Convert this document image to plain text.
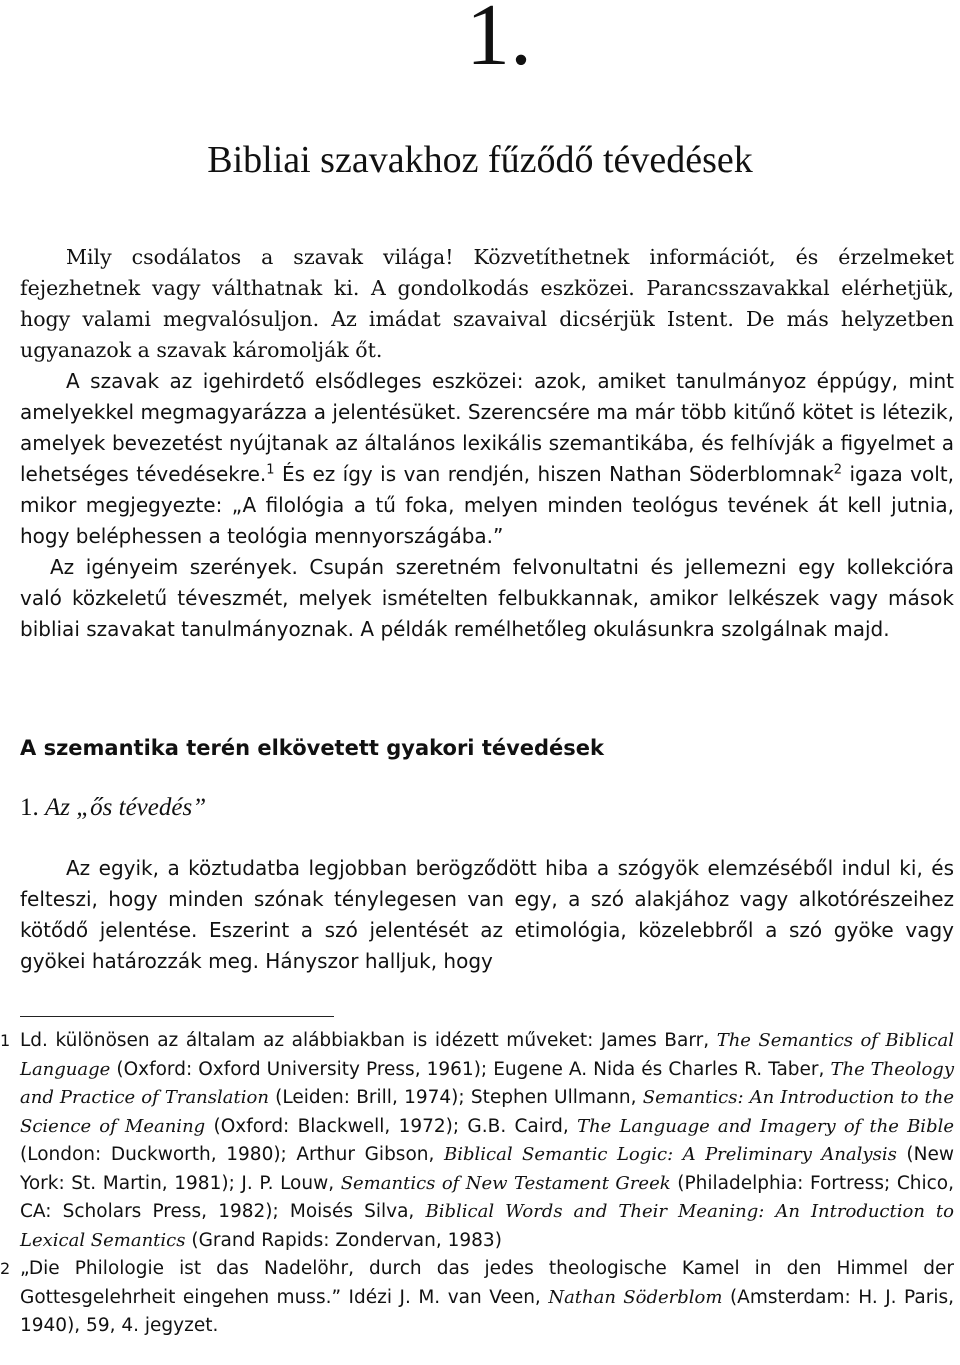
1.
Bibliai szavakhoz fűződő tévedések

Mily csodálatos a szavak világa! Közvetíthetnek információt, és érzelmeket fejezhetnek vagy válthatnak ki. A gondolkodás eszközei. Parancsszavakkal elérhetjük, hogy valami megvalósuljon. Az imádat szavaival dicsérjük Istent. De más helyzetben ugyanazok a szavak káromolják őt.

A szavak az igehirdető elsődleges eszközei: azok, amiket tanulmányoz éppúgy, mint amelyekkel megmagyarázza a jelentésüket. Szerencsére ma már több kitűnő kötet is létezik, amelyek bevezetést nyújtanak az általános lexikális szemantikába, és felhívják a figyelmet a lehetséges tévedésekre.$^1$ És ez így is van rendjén, hiszen Nathan Söderblomnak$^2$ igaza volt, mikor megjegyezte: „A filológia a tű foka, melyen minden teológus tevének át kell jutnia, hogy beléphessen a teológia mennyországába.”

Az igényeim szerények. Csupán szeretném felvonultatni és jellemezni egy kollekcióra való közkeletű téveszmét, melyek ismételten felbukkannak, amikor lelkészek vagy mások bibliai szavakat tanulmányoznak. A példák remélhetőleg okulásunkra szolgálnak majd.

A szemantika terén elkövetett gyakori tévedések
1. Az „ős tévedés”

Az egyik, a köztudatba legjobban berögződött hiba a szógyök elemzéséből indul ki, és felteszi, hogy minden szónak ténylegesen van egy, a szó alakjához vagy alkotórészeihez kötődő jelentése. Eszerint a szó jelentését az etimológia, közelebbről a szó gyöke vagy gyökei határozzák meg. Hányszor halljuk, hogy

1 Ld. különösen az általam az alábbiakban is idézett műveket: James Barr, The Semantics of Biblical Language (Oxford: Oxford University Press, 1961); Eugene A. Nida és Charles R. Taber, The Theology and Practice of Translation (Leiden: Brill, 1974); Stephen Ullmann, Semantics: An Introduction to the Science of Meaning (Oxford: Blackwell, 1972); G.B. Caird, The Language and Imagery of the Bible (London: Duckworth, 1980); Arthur Gibson, Biblical Semantic Logic: A Preliminary Analysis (New York: St. Martin, 1981); J. P. Louw, Semantics of New Testament Greek (Philadelphia: Fortress; Chico, CA: Scholars Press, 1982); Moisés Silva, Biblical Words and Their Meaning: An Introduction to Lexical Semantics (Grand Rapids: Zondervan, 1983)

2 „Die Philologie ist das Nadelöhr, durch das jedes theologische Kamel in den Himmel der Gottesgelehrheit eingehen muss.” Idézi J. M. van Veen, Nathan Söderblom (Amsterdam: H. J. Paris, 1940), 59, 4. jegyzet.
